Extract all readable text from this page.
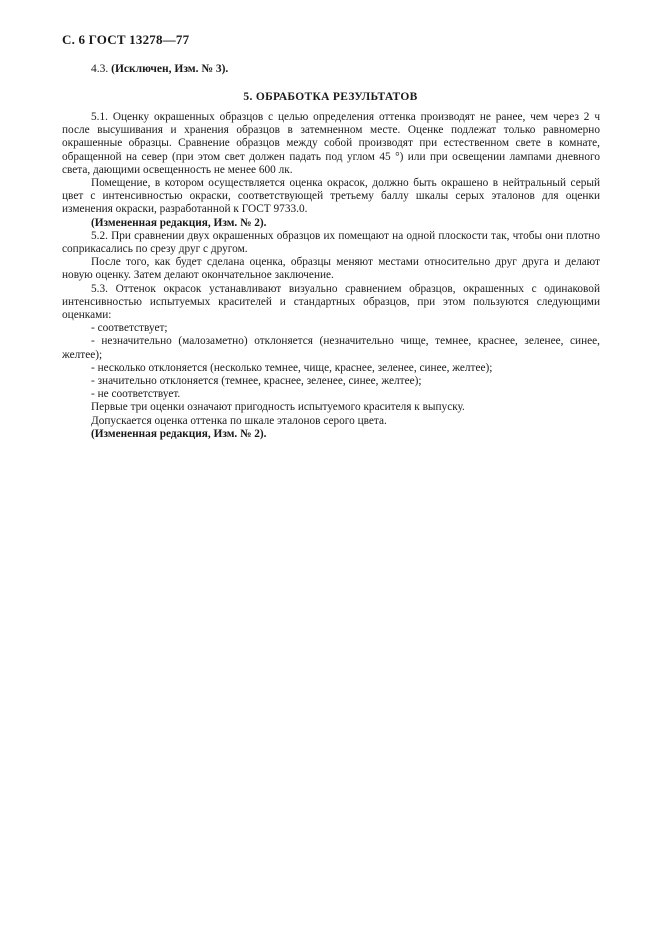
С. 6 ГОСТ 13278—77
4.3. (Исключен, Изм. № 3).
5. ОБРАБОТКА РЕЗУЛЬТАТОВ

5.1. Оценку окрашенных образцов с целью определения оттенка производят не ранее, чем через 2 ч после высушивания и хранения образцов в затемненном месте. Оценке подлежат только равномерно окрашенные образцы. Сравнение образцов между собой производят при естественном свете в комнате, обращенной на север (при этом свет должен падать под углом 45 °) или при освещении лампами дневного света, дающими освещенность не менее 600 лк.

Помещение, в котором осуществляется оценка окрасок, должно быть окрашено в нейтральный серый цвет с интенсивностью окраски, соответствующей третьему баллу шкалы серых эталонов для оценки изменения окраски, разработанной к ГОСТ 9733.0.

(Измененная редакция, Изм. № 2).

5.2. При сравнении двух окрашенных образцов их помещают на одной плоскости так, чтобы они плотно соприкасались по срезу друг с другом.

После того, как будет сделана оценка, образцы меняют местами относительно друг друга и делают новую оценку. Затем делают окончательное заключение.

5.3. Оттенок окрасок устанавливают визуально сравнением образцов, окрашенных с одинаковой интенсивностью испытуемых красителей и стандартных образцов, при этом пользуются следующими оценками:

- соответствует;

- незначительно (малозаметно) отклоняется (незначительно чище, темнее, краснее, зеленее, синее, желтее);

- несколько отклоняется (несколько темнее, чище, краснее, зеленее, синее, желтее);

- значительно отклоняется (темнее, краснее, зеленее, синее, желтее);

- не соответствует.

Первые три оценки означают пригодность испытуемого красителя к выпуску.

Допускается оценка оттенка по шкале эталонов серого цвета.

(Измененная редакция, Изм. № 2).
